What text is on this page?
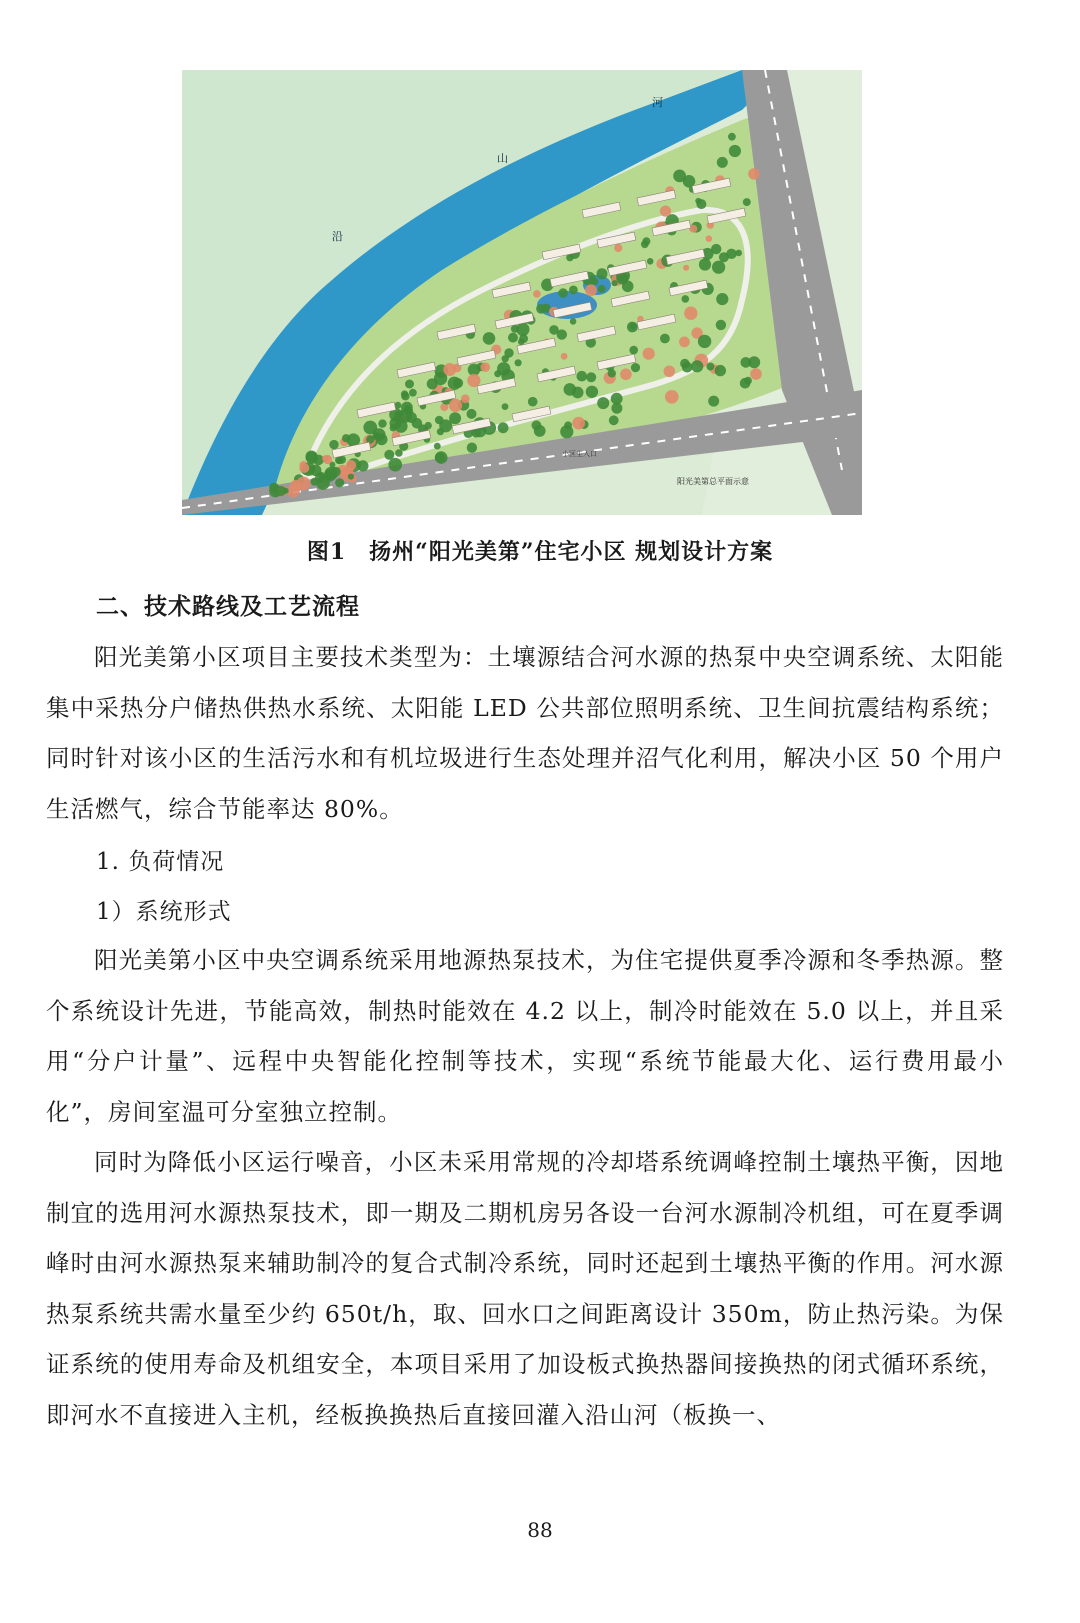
河
山
沿
小区主入口
阳光美第总平面示意
图1　扬州“阳光美第”住宅小区 规划设计方案
二、技术路线及工艺流程

阳光美第小区项目主要技术类型为：土壤源结合河水源的热泵中央空调系统、太阳能集中采热分户储热供热水系统、太阳能 LED 公共部位照明系统、卫生间抗震结构系统；同时针对该小区的生活污水和有机垃圾进行生态处理并沼气化利用，解决小区 50 个用户生活燃气，综合节能率达 80%。

1. 负荷情况
1）系统形式

阳光美第小区中央空调系统采用地源热泵技术，为住宅提供夏季冷源和冬季热源。整个系统设计先进，节能高效，制热时能效在 4.2 以上，制冷时能效在 5.0 以上，并且采用“分户计量”、远程中央智能化控制等技术，实现“系统节能最大化、运行费用最小化”，房间室温可分室独立控制。

同时为降低小区运行噪音，小区未采用常规的冷却塔系统调峰控制土壤热平衡，因地制宜的选用河水源热泵技术，即一期及二期机房另各设一台河水源制冷机组，可在夏季调峰时由河水源热泵来辅助制冷的复合式制冷系统，同时还起到土壤热平衡的作用。河水源热泵系统共需水量至少约 650t/h，取、回水口之间距离设计 350m，防止热污染。为保证系统的使用寿命及机组安全，本项目采用了加设板式换热器间接换热的闭式循环系统，即河水不直接进入主机，经板换换热后直接回灌入沿山河（板换一、

88
